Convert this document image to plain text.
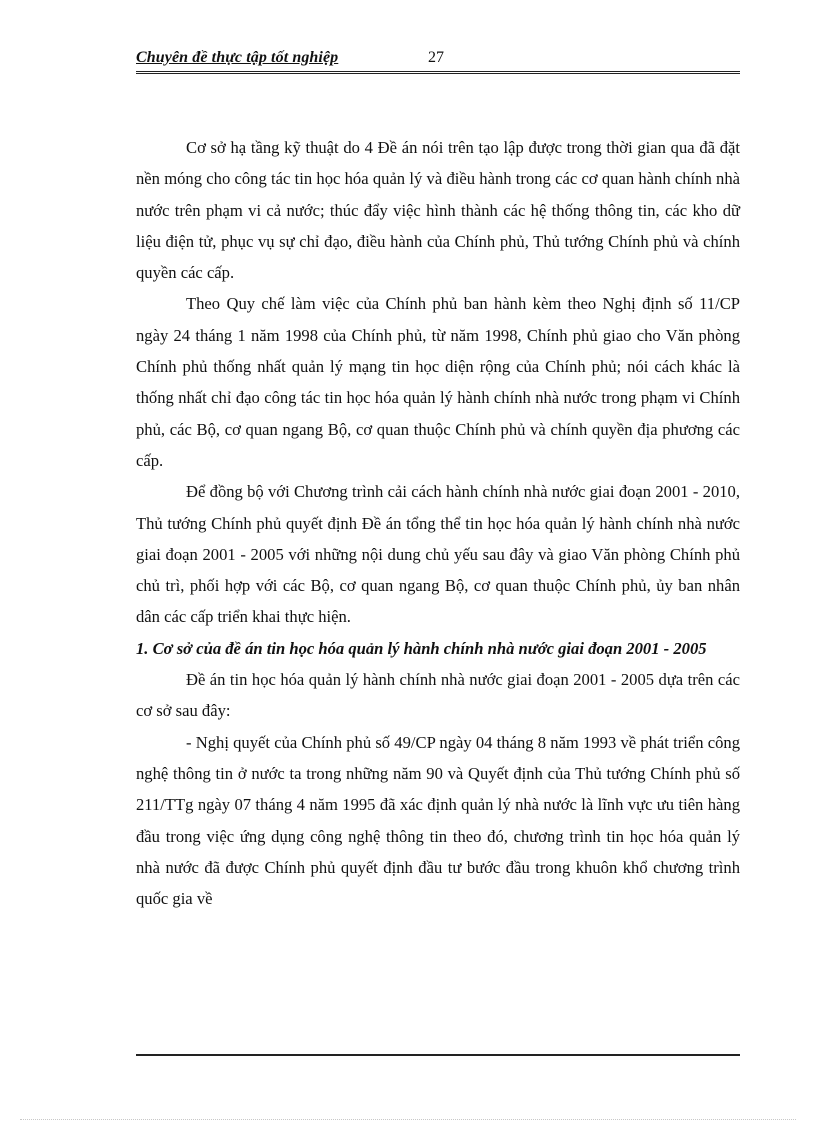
Chuyên đề thực tập tốt nghiệp	27

Cơ sở hạ tầng kỹ thuật do 4 Đề án nói trên tạo lập được trong thời gian qua đã đặt nền móng cho công tác tin học hóa quản lý và điều hành trong các cơ quan hành chính nhà nước trên phạm vi cả nước; thúc đẩy việc hình thành các hệ thống thông tin, các kho dữ liệu điện tử, phục vụ sự chỉ đạo, điều hành của Chính phủ, Thủ tướng Chính phủ và chính quyền các cấp.

Theo Quy chế làm việc của Chính phủ ban hành kèm theo Nghị định số 11/CP ngày 24 tháng 1 năm 1998 của Chính phủ, từ năm 1998, Chính phủ giao cho Văn phòng Chính phủ thống nhất quản lý mạng tin học diện rộng của Chính phủ; nói cách khác là thống nhất chỉ đạo công tác tin học hóa quản lý hành chính nhà nước trong phạm vi Chính phủ, các Bộ, cơ quan ngang Bộ, cơ quan thuộc Chính phủ và chính quyền địa phương các cấp.

Để đồng bộ với Chương trình cải cách hành chính nhà nước giai đoạn 2001 - 2010, Thủ tướng Chính phủ quyết định Đề án tổng thể tin học hóa quản lý hành chính nhà nước giai đoạn 2001 - 2005 với những nội dung chủ yếu sau đây và giao Văn phòng Chính phủ chủ trì, phối hợp với các Bộ, cơ quan ngang Bộ, cơ quan thuộc Chính phủ, ủy ban nhân dân các cấp triển khai thực hiện.

1. Cơ sở của đề án tin học hóa quản lý hành chính nhà nước giai đoạn 2001 - 2005

Đề án tin học hóa quản lý hành chính nhà nước giai đoạn 2001 - 2005 dựa trên các cơ sở sau đây:

- Nghị quyết của Chính phủ số 49/CP ngày 04 tháng 8 năm 1993 về phát triển công nghệ thông tin ở nước ta trong những năm 90 và Quyết định của Thủ tướng Chính phủ số 211/TTg ngày 07 tháng 4 năm 1995 đã xác định quản lý nhà nước là lĩnh vực ưu tiên hàng đầu trong việc ứng dụng công nghệ thông tin theo đó, chương trình tin học hóa quản lý nhà nước đã được Chính phủ quyết định đầu tư bước đầu trong khuôn khổ chương trình quốc gia về
